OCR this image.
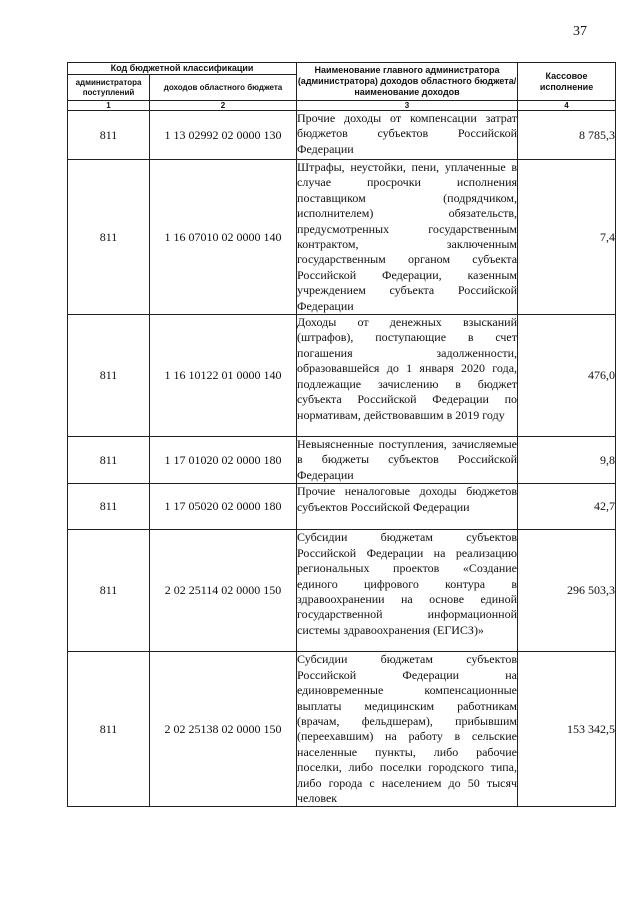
37
Код бюджетной классификации		Наименование главного администратора (администратора) доходов областного бюджета/ наименование доходов	Кассовое исполнение
администратора поступлений	доходов областного бюджета		
1	2	3	4
811	1 13 02992 02 0000 130	Прочие доходы от компенсации затрат бюджетов субъектов Российской Федерации	8 785,3
811	1 16 07010 02 0000 140	Штрафы, неустойки, пени, уплаченные в случае просрочки исполнения поставщиком (подрядчиком, исполнителем) обязательств, предусмотренных государственным контрактом, заключенным государственным органом субъекта Российской Федерации, казенным учреждением субъекта Российской Федерации	7,4
811	1 16 10122 01 0000 140	Доходы от денежных взысканий (штрафов), поступающие в счет погашения задолженности, образовавшейся до 1 января 2020 года, подлежащие зачислению в бюджет субъекта Российской Федерации по нормативам, действовавшим в 2019 году	476,0
811	1 17 01020 02 0000 180	Невыясненные поступления, зачисляемые в бюджеты субъектов Российской Федерации	9,8
811	1 17 05020 02 0000 180	Прочие неналоговые доходы бюджетов субъектов Российской Федерации	42,7
811	2 02 25114 02 0000 150	Субсидии бюджетам субъектов Российской Федерации на реализацию региональных проектов «Создание единого цифрового контура в здравоохранении на основе единой государственной информационной системы здравоохранения (ЕГИСЗ)»	296 503,3
811	2 02 25138 02 0000 150	Субсидии бюджетам субъектов Российской Федерации на единовременные компенсационные выплаты медицинским работникам (врачам, фельдшерам), прибывшим (переехавшим) на работу в сельские населенные пункты, либо рабочие поселки, либо поселки городского типа, либо города с населением до 50 тысяч человек	153 342,5
